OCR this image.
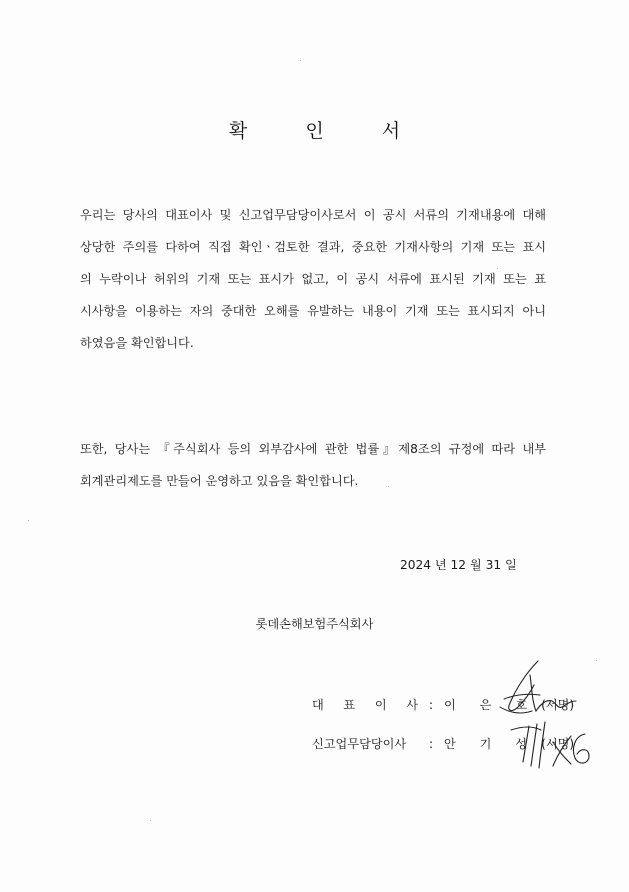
확 인 서
우리는 당사의 대표이사 및 신고업무담당이사로서 이 공시 서류의 기재내용에 대해
상당한 주의를 다하여 직접 확인ㆍ검토한 결과, 중요한 기재사항의 기재 또는 표시
의 누락이나 허위의 기재 또는 표시가 없고, 이 공시 서류에 표시된 기재 또는 표
시사항을 이용하는 자의 중대한 오해를 유발하는 내용이 기재 또는 표시되지 아니
하였음을 확인합니다.
또한, 당사는 『주식회사 등의 외부감사에 관한 법률』제8조의 규정에 따라 내부
회계관리제도를 만들어 운영하고 있음을 확인합니다.
2024 년 12 월 31 일
롯데손해보험주식회사
대 표 이 사 : 이 은 호 (서명)
신고업무담당이사 : 안 기 성 (서명)
